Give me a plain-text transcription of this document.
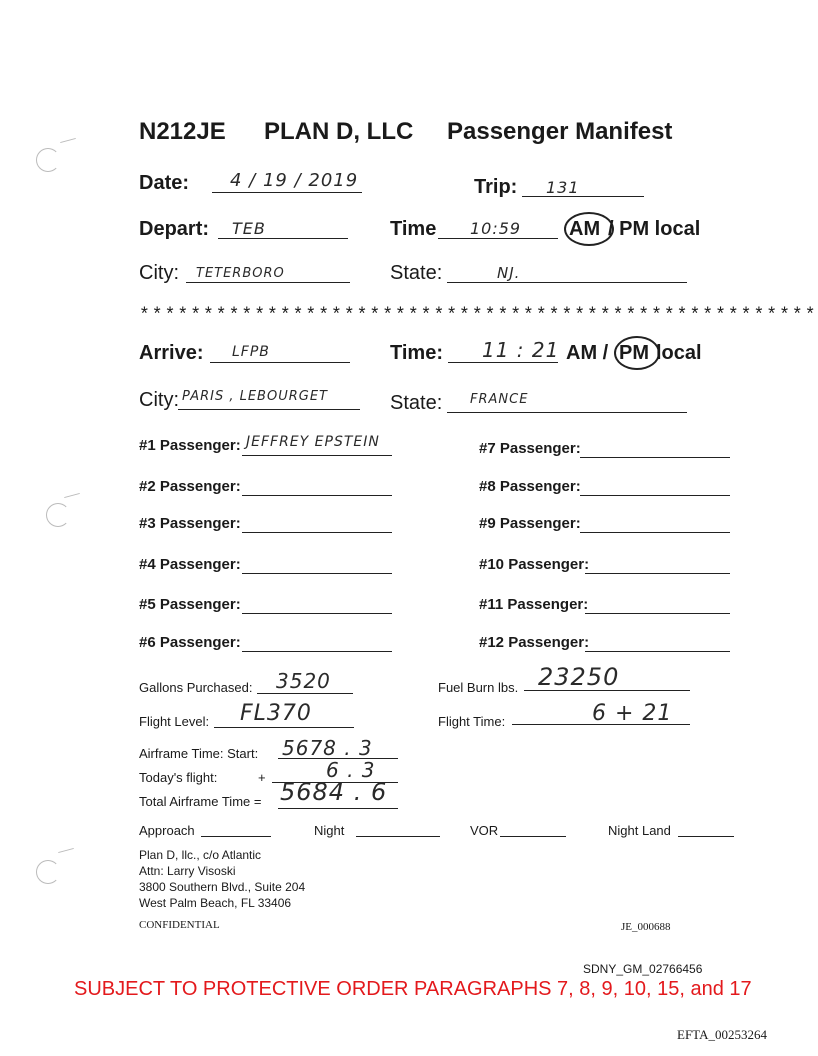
N212JE PLAN D, LLC Passenger Manifest
Date: 4 / 19 / 2019	Trip: 131
Depart: TEB	Time 10:59 AM / PM local
City: TETERBORO	State:	NJ.
*****************************************************
Arrive: LFPB	Time: 11 : 21 AM / PM local
City: PARIS , LEBOURGET	State: FRANCE
#1 Passenger: JEFFREY EPSTEIN
#2 Passenger:
#3 Passenger:
#4 Passenger:
#5 Passenger:
#6 Passenger:
#7 Passenger:
#8 Passenger:
#9 Passenger:
#10 Passenger:
#11 Passenger:
#12 Passenger:
Gallons Purchased: 3520	Fuel Burn lbs. 23250
Flight Level: FL370	Flight Time:	6 + 21
Airframe Time: Start: 5678 . 3
Today's flight:	+	6 . 3
Total Airframe Time = 5684 . 6
Approach	Night	VOR	Night Land
Plan D, llc., c/o Atlantic
Attn: Larry Visoski
3800 Southern Blvd., Suite 204
West Palm Beach, FL 33406
CONFIDENTIAL	JE_000688
SDNY_GM_02766456
SUBJECT TO PROTECTIVE ORDER PARAGRAPHS 7, 8, 9, 10, 15, and 17
EFTA_00253264
